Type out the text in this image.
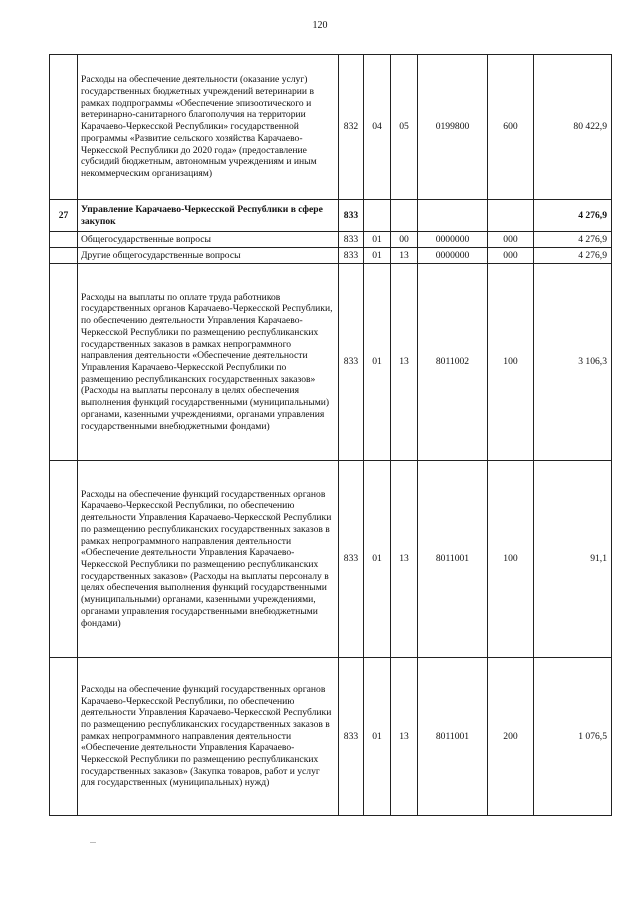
120
	Расходы на обеспечение деятельности (оказание услуг) государственных бюджетных учреждений ветеринарии в рамках подпрограммы «Обеспечение эпизоотического и ветеринарно-санитарного благополучия на территории Карачаево-Черкесской Республики» государственной программы «Развитие сельского хозяйства Карачаево-Черкесской Республики до 2020 года» (предоставление субсидий бюджетным, автономным учреждениям и иным некоммерческим организациям)	832	04	05	0199800	600	80 422,9
27	Управление Карачаево-Черкесской Республики в сфере закупок	833					4 276,9
	Общегосударственные вопросы	833	01	00	0000000	000	4 276,9
	Другие общегосударственные вопросы	833	01	13	0000000	000	4 276,9
	Расходы на выплаты по оплате труда работников государственных органов Карачаево-Черкесской Республики, по обеспечению деятельности Управления Карачаево-Черкесской Республики по размещению республиканских государственных заказов в рамках непрограммного направления деятельности «Обеспечение деятельности Управления Карачаево-Черкесской Республики по размещению республиканских государственных заказов» (Расходы на выплаты персоналу в целях обеспечения выполнения функций государственными (муниципальными) органами, казенными учреждениями, органами управления государственными внебюджетными фондами)	833	01	13	8011002	100	3 106,3
	Расходы на обеспечение функций государственных органов Карачаево-Черкесской Республики, по обеспечению деятельности Управления Карачаево-Черкесской Республики по размещению республиканских государственных заказов в рамках непрограммного направления деятельности «Обеспечение деятельности Управления Карачаево-Черкесской Республики по размещению республиканских государственных заказов» (Расходы на выплаты персоналу в целях обеспечения выполнения функций государственными (муниципальными) органами, казенными учреждениями, органами управления государственными внебюджетными фондами)	833	01	13	8011001	100	91,1
	Расходы на обеспечение функций государственных органов Карачаево-Черкесской Республики, по обеспечению деятельности Управления Карачаево-Черкесской Республики по размещению республиканских государственных заказов в рамках непрограммного направления деятельности «Обеспечение деятельности Управления Карачаево-Черкесской Республики по размещению республиканских государственных заказов» (Закупка товаров, работ и услуг для государственных (муниципальных) нужд)	833	01	13	8011001	200	1 076,5
